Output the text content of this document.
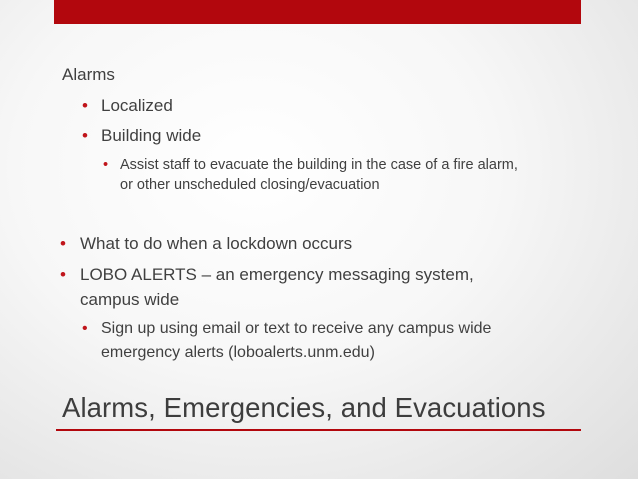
Alarms
• Localized
• Building wide
• Assist staff to evacuate the building in the case of a fire alarm,
or other unscheduled closing/evacuation
• What to do when a lockdown occurs
• LOBO ALERTS – an emergency messaging system,
campus wide
• Sign up using email or text to receive any campus wide
emergency alerts (loboalerts.unm.edu)
Alarms, Emergencies, and Evacuations
